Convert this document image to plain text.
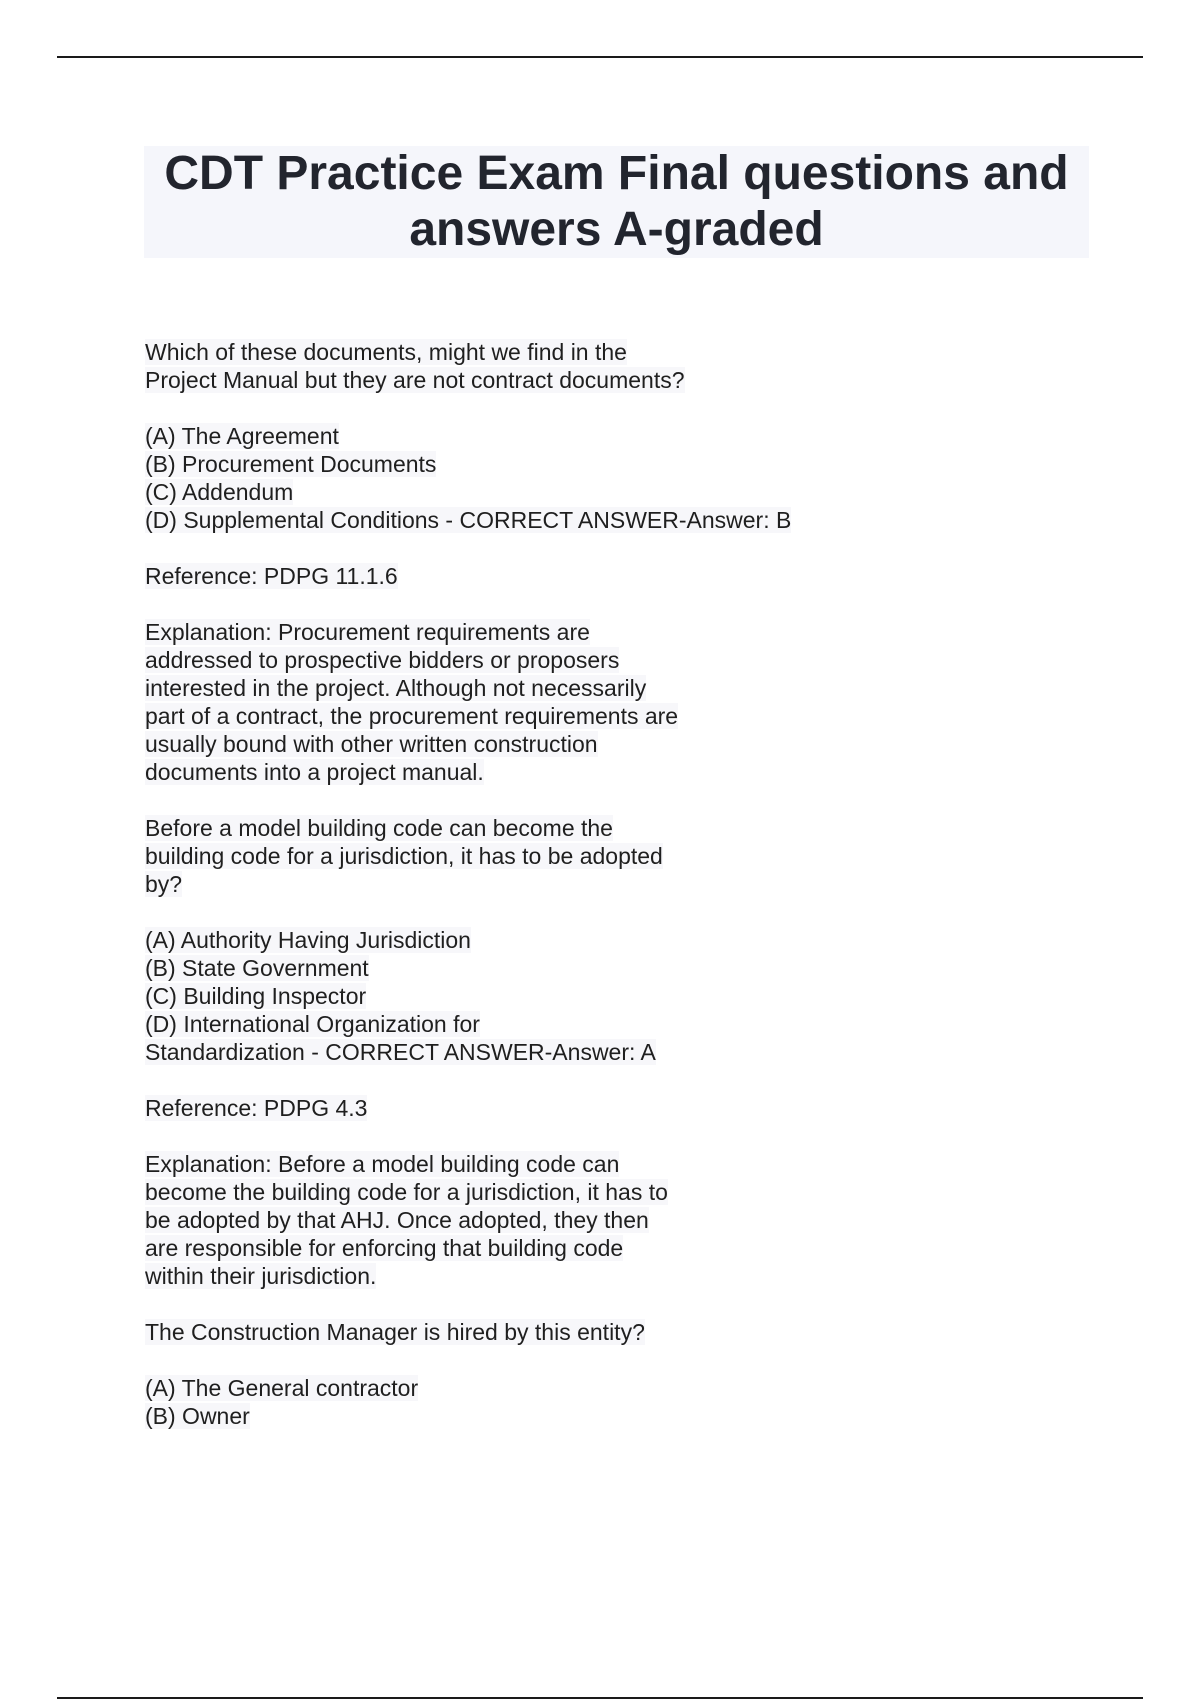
CDT Practice Exam Final questions and answers A-graded
Which of these documents, might we find in the
Project Manual but they are not contract documents?
(A) The Agreement
(B) Procurement Documents
(C) Addendum
(D) Supplemental Conditions - CORRECT ANSWER-Answer: B
Reference: PDPG 11.1.6
Explanation: Procurement requirements are
addressed to prospective bidders or proposers
interested in the project. Although not necessarily
part of a contract, the procurement requirements are
usually bound with other written construction
documents into a project manual.
Before a model building code can become the
building code for a jurisdiction, it has to be adopted
by?
(A) Authority Having Jurisdiction
(B) State Government
(C) Building Inspector
(D) International Organization for
Standardization - CORRECT ANSWER-Answer: A
Reference: PDPG 4.3
Explanation: Before a model building code can
become the building code for a jurisdiction, it has to
be adopted by that AHJ. Once adopted, they then
are responsible for enforcing that building code
within their jurisdiction.
The Construction Manager is hired by this entity?
(A) The General contractor
(B) Owner
